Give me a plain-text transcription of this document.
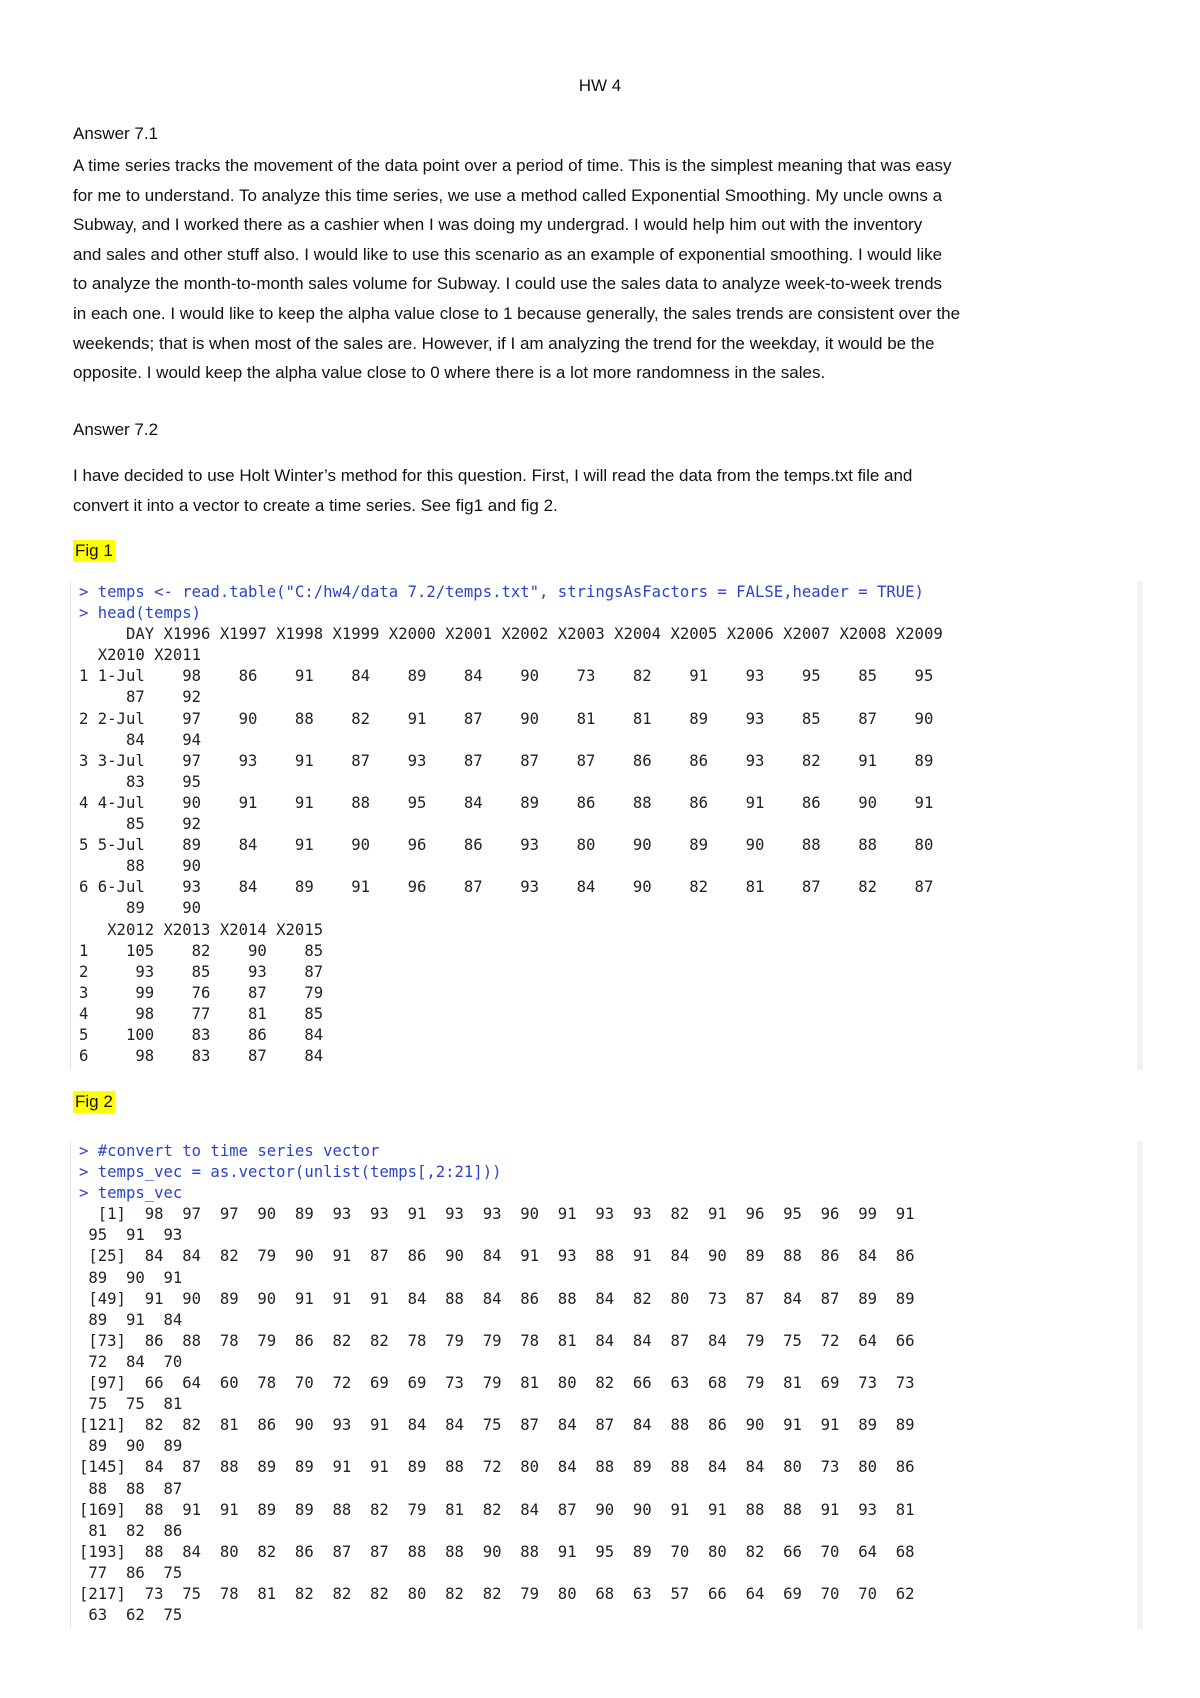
HW 4
Answer 7.1

A time series tracks the movement of the data point over a period of time. This is the simplest meaning that was easy
for me to understand. To analyze this time series, we use a method called Exponential Smoothing. My uncle owns a
Subway, and I worked there as a cashier when I was doing my undergrad. I would help him out with the inventory
and sales and other stuff also. I would like to use this scenario as an example of exponential smoothing. I would like
to analyze the month-to-month sales volume for Subway. I could use the sales data to analyze week-to-week trends
in each one. I would like to keep the alpha value close to 1 because generally, the sales trends are consistent over the
weekends; that is when most of the sales are. However, if I am analyzing the trend for the weekday, it would be the
opposite. I would keep the alpha value close to 0 where there is a lot more randomness in the sales.

Answer 7.2

I have decided to use Holt Winter’s method for this question. First, I will read the data from the temps.txt file and
convert it into a vector to create a time series. See fig1 and fig 2.

Fig 1
> temps <- read.table("C:/hw4/data 7.2/temps.txt", stringsAsFactors = FALSE,header = TRUE)
> head(temps)
DAY X1996 X1997 X1998 X1999 X2000 X2001 X2002 X2003 X2004 X2005 X2006 X2007 X2008 X2009
X2010 X2011
1 1-Jul    98    86    91    84    89    84    90    73    82    91    93    95    85    95
87    92
2 2-Jul    97    90    88    82    91    87    90    81    81    89    93    85    87    90
84    94
3 3-Jul    97    93    91    87    93    87    87    87    86    86    93    82    91    89
83    95
4 4-Jul    90    91    91    88    95    84    89    86    88    86    91    86    90    91
85    92
5 5-Jul    89    84    91    90    96    86    93    80    90    89    90    88    88    80
88    90
6 6-Jul    93    84    89    91    96    87    93    84    90    82    81    87    82    87
89    90
X2012 X2013 X2014 X2015
1    105    82    90    85
2     93    85    93    87
3     99    76    87    79
4     98    77    81    85
5    100    83    86    84
6     98    83    87    84
Fig 2
> #convert to time series vector
> temps_vec = as.vector(unlist(temps[,2:21]))
> temps_vec
[1]  98  97  97  90  89  93  93  91  93  93  90  91  93  93  82  91  96  95  96  99  91
95  91  93
[25]  84  84  82  79  90  91  87  86  90  84  91  93  88  91  84  90  89  88  86  84  86
89  90  91
[49]  91  90  89  90  91  91  91  84  88  84  86  88  84  82  80  73  87  84  87  89  89
89  91  84
[73]  86  88  78  79  86  82  82  78  79  79  78  81  84  84  87  84  79  75  72  64  66
72  84  70
[97]  66  64  60  78  70  72  69  69  73  79  81  80  82  66  63  68  79  81  69  73  73
75  75  81
[121]  82  82  81  86  90  93  91  84  84  75  87  84  87  84  88  86  90  91  91  89  89
89  90  89
[145]  84  87  88  89  89  91  91  89  88  72  80  84  88  89  88  84  84  80  73  80  86
88  88  87
[169]  88  91  91  89  89  88  82  79  81  82  84  87  90  90  91  91  88  88  91  93  81
81  82  86
[193]  88  84  80  82  86  87  87  88  88  90  88  91  95  89  70  80  82  66  70  64  68
77  86  75
[217]  73  75  78  81  82  82  82  80  82  82  79  80  68  63  57  66  64  69  70  70  62
63  62  75
